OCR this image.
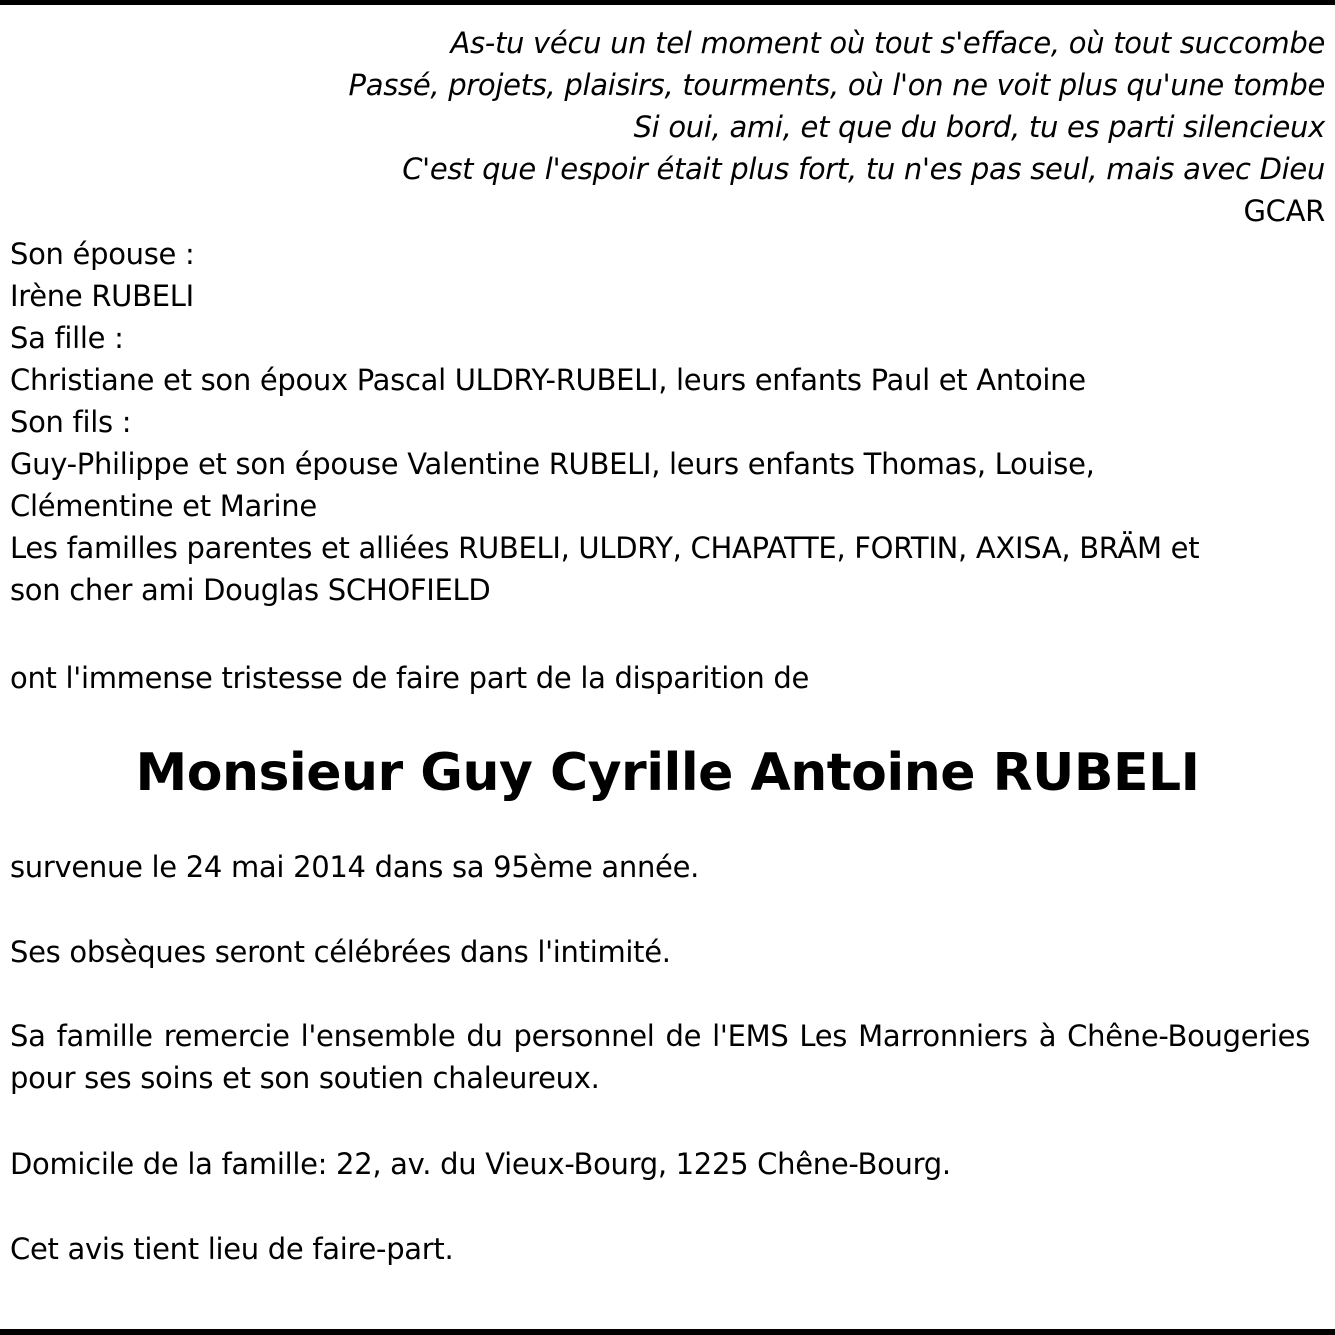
As-tu vécu un tel moment où tout s'efface, où tout succombe
Passé, projets, plaisirs, tourments, où l'on ne voit plus qu'une tombe
Si oui, ami, et que du bord, tu es parti silencieux
C'est que l'espoir était plus fort, tu n'es pas seul, mais avec Dieu
GCAR
Son épouse :
Irène RUBELI
Sa fille :
Christiane et son époux Pascal ULDRY-RUBELI, leurs enfants Paul et Antoine
Son fils :
Guy-Philippe et son épouse Valentine RUBELI, leurs enfants Thomas, Louise,
Clémentine et Marine
Les familles parentes et alliées RUBELI, ULDRY, CHAPATTE, FORTIN, AXISA, BRÄM et
son cher ami Douglas SCHOFIELD
ont l'immense tristesse de faire part de la disparition de
Monsieur Guy Cyrille Antoine RUBELI
survenue le 24 mai 2014 dans sa 95ème année.
Ses obsèques seront célébrées dans l'intimité.
Sa famille remercie l'ensemble du personnel de l'EMS Les Marronniers à Chêne-Bougeries pour ses soins et son soutien chaleureux.
Domicile de la famille: 22, av. du Vieux-Bourg, 1225 Chêne-Bourg.
Cet avis tient lieu de faire-part.
